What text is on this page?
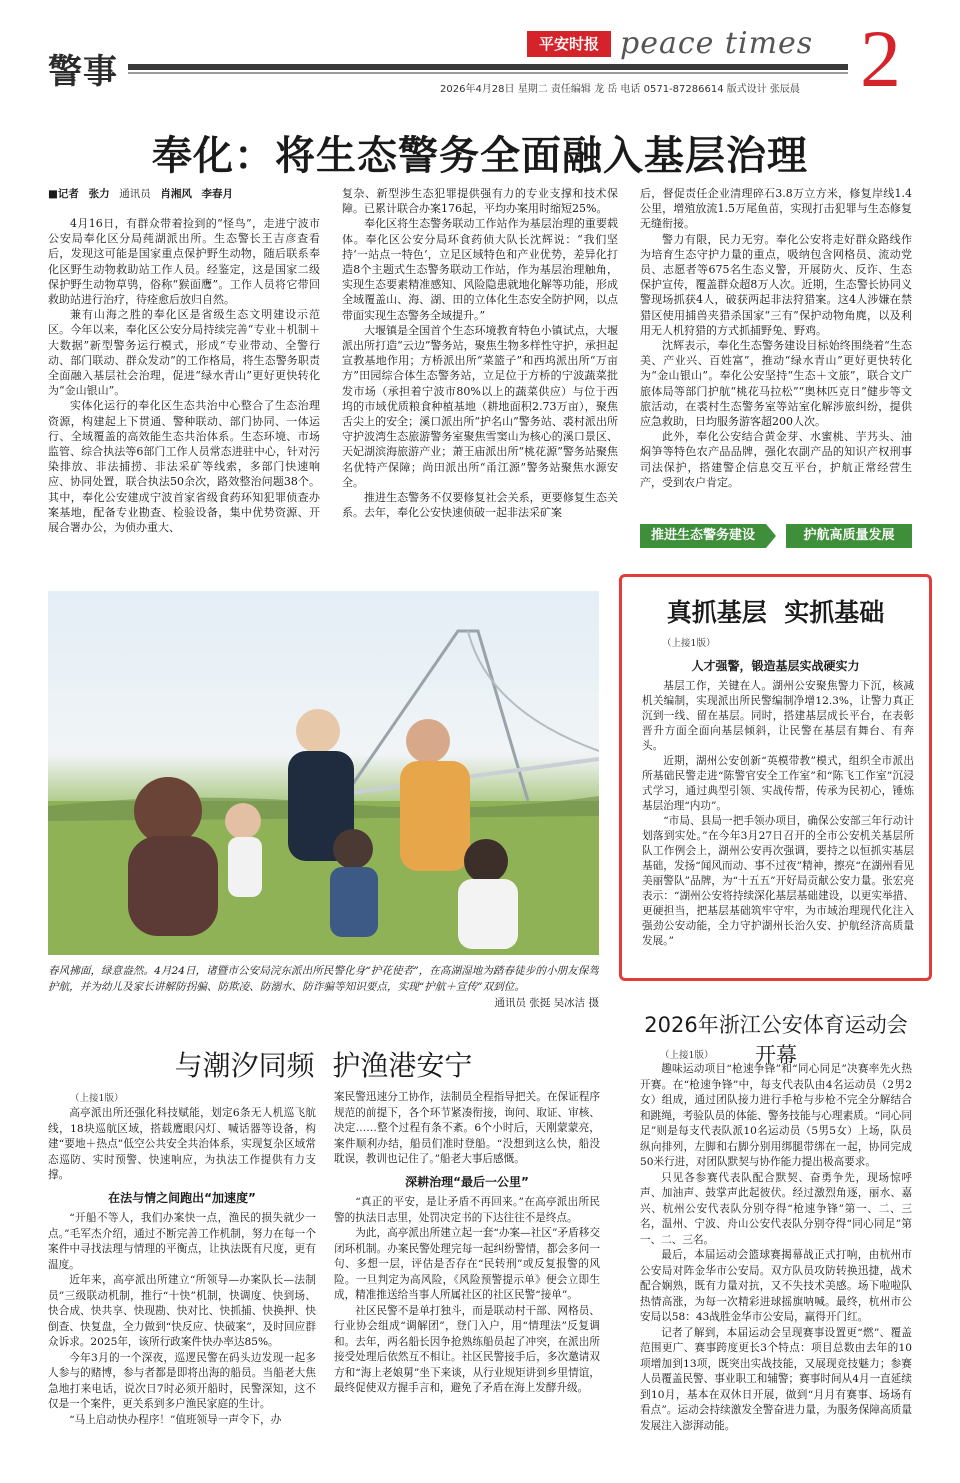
警事
平安时报 peace times 2
2026年4月28日 星期二 责任编辑 龙 岳 电话 0571-87286614 版式设计 张辰晨
奉化：将生态警务全面融入基层治理
■记者 张力 通讯员 肖湘风 李春月

4月16日，有群众带着捡到的“怪鸟”，走进宁波市公安局奉化区分局莼湖派出所。生态警长王吉彦查看后，发现这可能是国家重点保护野生动物，随后联系奉化区野生动物救助站工作人员。经鉴定，这是国家二级保护野生动物草鸮，俗称“猴面鹰”。工作人员将它带回救助站进行治疗，待痊愈后放归自然。

兼有山海之胜的奉化区是省级生态文明建设示范区。今年以来，奉化区公安分局持续完善“专业＋机制＋大数据”新型警务运行模式，形成“专业带动、全警行动、部门联动、群众发动”的工作格局，将生态警务职责全面融入基层社会治理，促进“绿水青山”更好更快转化为“金山银山”。

实体化运行的奉化区生态共治中心整合了生态治理资源，构建起上下贯通、警种联动、部门协同、一体运行、全域覆盖的高效能生态共治体系。生态环境、市场监管、综合执法等6部门工作人员常态进驻中心，针对污染排放、非法捕捞、非法采矿等线索，多部门快速响应、协同处置，联合执法50余次，路效整治问题38个。其中，奉化公安建成宁波首家省级食药环知犯罪侦查办案基地，配备专业勘查、检验设备，集中优势资源、开展合署办公，为侦办重大、

复杂、新型涉生态犯罪提供强有力的专业支撑和技术保障。已累计联合办案176起，平均办案用时缩短25%。

奉化区将生态警务联动工作站作为基层治理的重要载体。奉化区公安分局环食药侦大队长沈辉说：“我们坚持‘一站点一特色’，立足区域特色和产业优势，差异化打造8个主题式生态警务联动工作站，作为基层治理触角，实现生态要素精准感知、风险隐患就地化解等功能，形成全域覆盖山、海、湖、田的立体化生态安全防护网，以点带面实现生态警务全域提升。”

大堰镇是全国首个生态环境教育特色小镇试点，大堰派出所打造“云边”警务站，聚焦生物多样性守护，承担起宣教基地作用；方桥派出所“菜篮子”和西坞派出所“万亩方”田园综合体生态警务站，立足位于方桥的宁波蔬菜批发市场（承担着宁波市80%以上的蔬菜供应）与位于西坞的市域优质粮食种植基地（耕地面积2.73万亩），聚焦舌尖上的安全；溪口派出所“护名山”警务站、裘村派出所守护波湾生态旅游警务室聚焦雪窦山为核心的溪口景区、天妃湖滨海旅游产业；萧王庙派出所“桃花源”警务站聚焦名优特产保障；尚田派出所“甬江源”警务站聚焦水源安全。

推进生态警务不仅要修复社会关系，更要修复生态关系。去年，奉化公安快速侦破一起非法采矿案

后，督促责任企业清理碎石3.8万立方米，修复岸线1.4公里，增殖放流1.5万尾鱼苗，实现打击犯罪与生态修复无缝衔接。

警力有限，民力无穷。奉化公安将走好群众路线作为培育生态守护力量的重点，吸纳包含网格员、流动党员、志愿者等675名生态义警，开展防火、反诈、生态保护宣传，覆盖群众超8万人次。近期，生态警长协同义警现场抓获4人，破获两起非法狩猎案。这4人涉嫌在禁猎区使用捕兽夹猎杀国家“三有”保护动物角麂，以及利用无人机狩猎的方式抓捕野兔、野鸡。

沈辉表示，奉化生态警务建设目标始终围绕着“生态美、产业兴、百姓富”，推动“绿水青山”更好更快转化为“金山银山”。奉化公安坚持“生态＋文旅”，联合文广旅体局等部门护航“桃花马拉松”“奥林匹克日”健步等文旅活动，在裘村生态警务室等站室化解涉旅纠纷，提供应急救助，日均服务游客超200人次。

此外，奉化公安结合黄金芽、水蜜桃、芋艿头、油焖笋等特色农产品品牌，强化农副产品的知识产权刑事司法保护，搭建警企信息交互平台，护航正常经营生产，受到农户肯定。

推进生态警务建设	护航高质量发展
春风拂面，绿意盎然。4月24日，诸暨市公安局浣东派出所民警化身“护花使者”，在高湖湿地为踏春徒步的小朋友保驾护航，并为幼儿及家长讲解防拐骗、防欺凌、防溺水、防诈骗等知识要点，实现“护航＋宣传”双到位。
通讯员 张挺 吴冰洁 摄
真抓基层  实抓基础
（上接1版）
人才强警，锻造基层实战硬实力

基层工作，关键在人。湖州公安聚焦警力下沉，核减机关编制，实现派出所民警编制净增12.3%，让警力真正沉到一线、留在基层。同时，搭建基层成长平台，在表彰晋升方面全面向基层倾斜，让民警在基层有舞台、有奔头。

近期，湖州公安创新“英模带教”模式，组织全市派出所基础民警走进“陈警官安全工作室”和“陈飞工作室”沉浸式学习，通过典型引领、实战传帮，传承为民初心，锤炼基层治理“内功”。

“市局、县局一把手领办项目，确保公安部三年行动计划落到实处。”在今年3月27日召开的全市公安机关基层所队工作例会上，湖州公安再次强调，要持之以恒抓实基层基础，发扬“闻风而动、事不过夜”精神，擦亮“在湖州看见美丽警队”品牌，为“十五五”开好局贡献公安力量。张宏亮表示：“湖州公安将持续深化基层基础建设，以更实举措、更硬担当，把基层基础筑牢守牢，为市域治理现代化注入强劲公安动能，全力守护湖州长治久安、护航经济高质量发展。”

2026年浙江公安体育运动会开幕
（上接1版）

趣味运动项目“枪速争锋”和“同心同足”决赛率先火热开赛。在“枪速争锋”中，每支代表队由4名运动员（2男2女）组成，通过团队接力进行手枪与步枪不完全分解结合和跳绳，考验队员的体能、警务技能与心理素质。“同心同足”则是每支代表队派10名运动员（5男5女）上场，队员纵向排列，左脚和右脚分别用绑腿带绑在一起，协同完成50米行进，对团队默契与协作能力提出极高要求。

只见各参赛代表队配合默契、奋勇争先，现场惊呼声、加油声、鼓掌声此起彼伏。经过激烈角逐，丽水、嘉兴、杭州公安代表队分别夺得“枪速争锋”第一、二、三名，温州、宁波、舟山公安代表队分别夺得“同心同足”第一、二、三名。

最后，本届运动会篮球赛揭幕战正式打响，由杭州市公安局对阵金华市公安局。双方队员攻防转换迅捷，战术配合娴熟，既有力量对抗，又不失技术美感。场下啦啦队热情高涨，为每一次精彩进球摇旗呐喊。最终，杭州市公安局以58：43战胜金华市公安局，赢得开门红。

记者了解到，本届运动会呈现赛事设置更“燃”、覆盖范围更广、赛事跨度更长3个特点：项目总数由去年的10项增加到13项，既突出实战技能，又展现竞技魅力；参赛人员覆盖民警、事业职工和辅警；赛事时间从4月一直延续到10月，基本在双休日开展，做到“月月有赛事、场场有看点”。运动会持续激发全警奋进力量，为服务保障高质量发展注入澎湃动能。

与潮汐同频  护渔港安宁
（上接1版）

高亭派出所还强化科技赋能，划定6条无人机巡飞航线，18块巡航区域，搭载鹰眼闪灯、喊话器等设备，构建“要地＋热点”低空公共安全共治体系，实现复杂区域常态巡防、实时预警、快速响应，为执法工作提供有力支撑。

在法与情之间跑出“加速度”

“开船不等人，我们办案快一点，渔民的损失就少一点。”毛军杰介绍，通过不断完善工作机制，努力在每一个案件中寻找法理与情理的平衡点，让执法既有尺度，更有温度。

近年来，高亭派出所建立“所领导—办案队长—法制员”三级联动机制，推行“十快”机制，快调度、快到场、快合成、快共享、快现勘、快对比、快抓捕、快换押、快倒查、快复盘，全力做到“快反应、快破案”，及时回应群众诉求。2025年，该所行政案件快办率达85%。

今年3月的一个深夜，巡逻民警在码头边发现一起多人参与的赌博，参与者都是即将出海的船员。当船老大焦急地打来电话，说次日7时必须开船时，民警深知，这不仅是一个案件，更关系到多户渔民家庭的生计。

“马上启动快办程序！”值班领导一声令下，办

案民警迅速分工协作，法制员全程指导把关。在保证程序规范的前提下，各个环节紧凑衔接，询问、取证、审核、决定……整个过程有条不紊。6个小时后，天刚蒙蒙亮，案件顺利办结，船员们准时登船。“没想到这么快，船没耽误，教训也记住了。”船老大事后感慨。

深耕治理“最后一公里”

“真正的平安，是让矛盾不再回来。”在高亭派出所民警的执法日志里，处罚决定书的下达往往不是终点。

为此，高亭派出所建立起一套“办案—社区”矛盾移交闭环机制。办案民警处理完每一起纠纷警情，都会多问一句、多想一层，评估是否存在“民转刑”或反复报警的风险。一旦判定为高风险，《风险预警提示单》便会立即生成，精准推送给当事人所属社区的社区民警“接单”。

社区民警不是单打独斗，而是联动村干部、网格员、行业协会组成“调解团”，登门入户，用“情理法”反复调和。去年，两名船长因争抢熟练船员起了冲突，在派出所接受处理后依然互不相让。社区民警接手后，多次邀请双方和“海上老娘舅”坐下来谈，从行业规矩讲到乡里情谊，最终促使双方握手言和，避免了矛盾在海上发酵升级。
